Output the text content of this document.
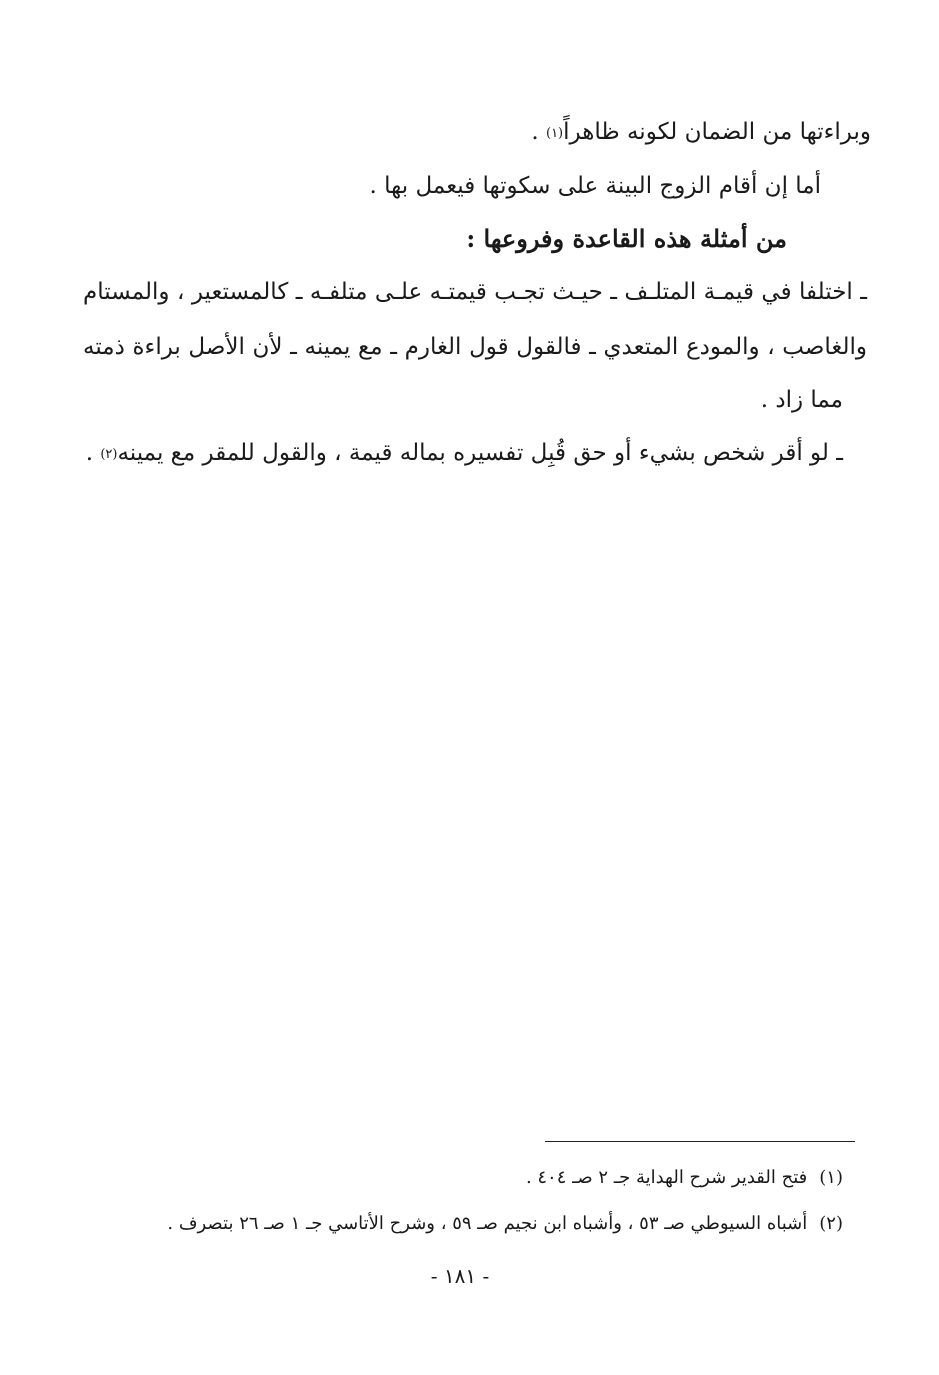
وبراءتها من الضمان لكونه ظاهراً(١) .
أما إن أقام الزوج البينة على سكوتها فيعمل بها .
من أمثلة هذه القاعدة وفروعها :
ـ اختلفا في قيمـة المتلـف ـ حيـث تجـب قيمتـه علـى متلفـه ـ كالمستعير ، والمستام
والغاصب ، والمودع المتعدي ـ فالقول قول الغارم ـ مع يمينه ـ لأن الأصل براءة ذمته
مما زاد .
ـ لو أقر شخص بشيء أو حق قُبِل تفسيره بماله قيمة ، والقول للمقر مع يمينه(٢) .
(١)فتح القدير شرح الهداية جـ ٢ صـ ٤٠٤ .
(٢)أشباه السيوطي صـ ٥٣ ، وأشباه ابن نجيم صـ ٥٩ ، وشرح الأتاسي جـ ١ صـ ٢٦ بتصرف .
- ١٨١ -
